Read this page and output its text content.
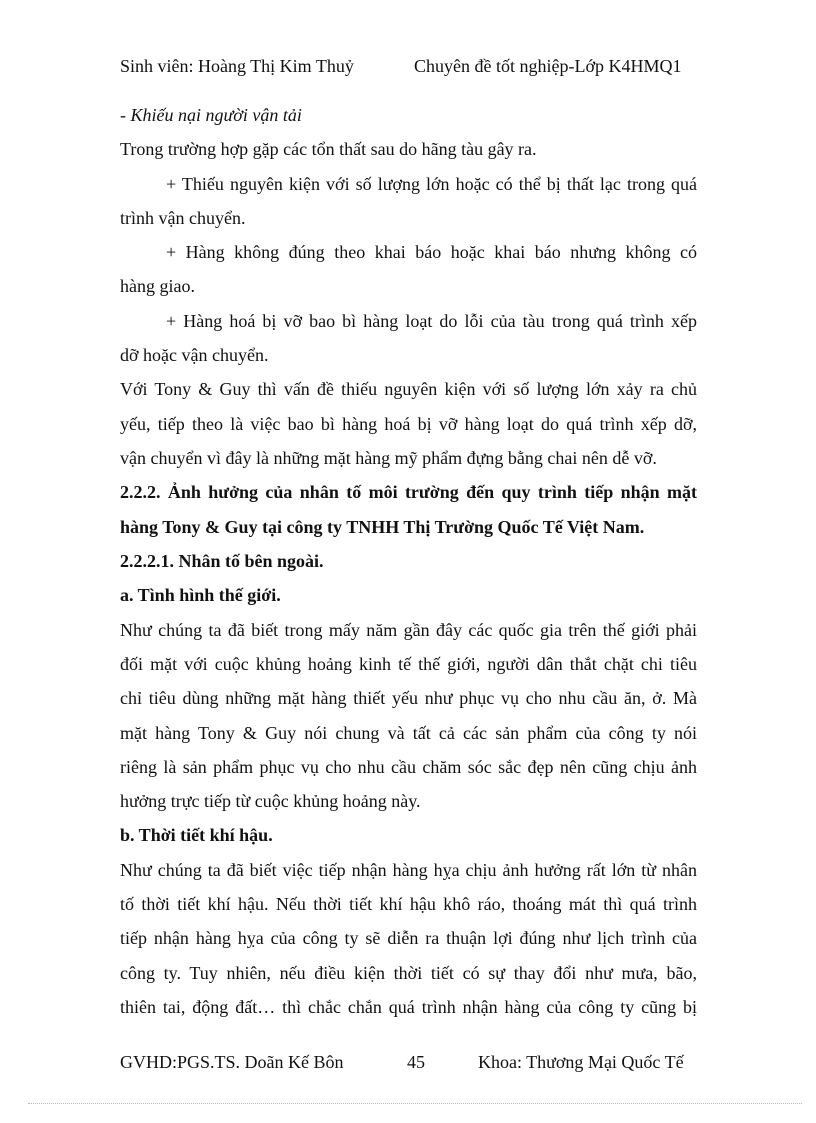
Sinh viên: Hoàng Thị Kim Thuỷ	Chuyên đề tốt nghiệp-Lớp K4HMQ1
- Khiếu nại người vận tải
Trong trường hợp gặp các tổn thất sau do hãng tàu gây ra.
+ Thiếu nguyên kiện với số lượng lớn hoặc có thể bị thất lạc trong quá
trình vận chuyển.
+ Hàng không đúng theo khai báo hoặc khai báo nhưng không có
hàng giao.
+ Hàng hoá bị vỡ bao bì hàng loạt do lỗi của tàu trong quá trình xếp
dỡ hoặc vận chuyển.
Với Tony & Guy thì vấn đề thiếu nguyên kiện với số lượng lớn xảy ra chủ
yếu, tiếp theo là việc bao bì hàng hoá bị vỡ hàng loạt do quá trình xếp dỡ,
vận chuyển vì đây là những mặt hàng mỹ phẩm đựng bằng chai nên dễ vỡ.
2.2.2. Ảnh hưởng của nhân tố môi trường đến quy trình tiếp nhận mặt
hàng Tony & Guy tại công ty TNHH Thị Trường Quốc Tế Việt Nam.
2.2.2.1. Nhân tố bên ngoài.
a. Tình hình thế giới.
Như chúng ta đã biết trong mấy năm gần đây các quốc gia trên thế giới phải
đối mặt với cuộc khủng hoảng kinh tế thế giới, người dân thắt chặt chi tiêu
chỉ tiêu dùng những mặt hàng thiết yếu như phục vụ cho nhu cầu ăn, ở. Mà
mặt hàng Tony & Guy nói chung và tất cả các sản phẩm của công ty nói
riêng là sản phẩm phục vụ cho nhu cầu chăm sóc sắc đẹp nên cũng chịu ảnh
hưởng trực tiếp từ cuộc khủng hoảng này.
b. Thời tiết khí hậu.
Như chúng ta đã biết việc tiếp nhận hàng hỵa chịu ảnh hưởng rất lớn từ nhân
tố thời tiết khí hậu. Nếu thời tiết khí hậu khô ráo, thoáng mát thì quá trình
tiếp nhận hàng hỵa của công ty sẽ diễn ra thuận lợi đúng như lịch trình của
công ty. Tuy nhiên, nếu điều kiện thời tiết có sự thay đổi như mưa, bão,
thiên tai, động đất… thì chắc chắn quá trình nhận hàng của công ty cũng bị
GVHD:PGS.TS. Doãn Kế Bôn	45	Khoa: Thương Mại Quốc Tế
